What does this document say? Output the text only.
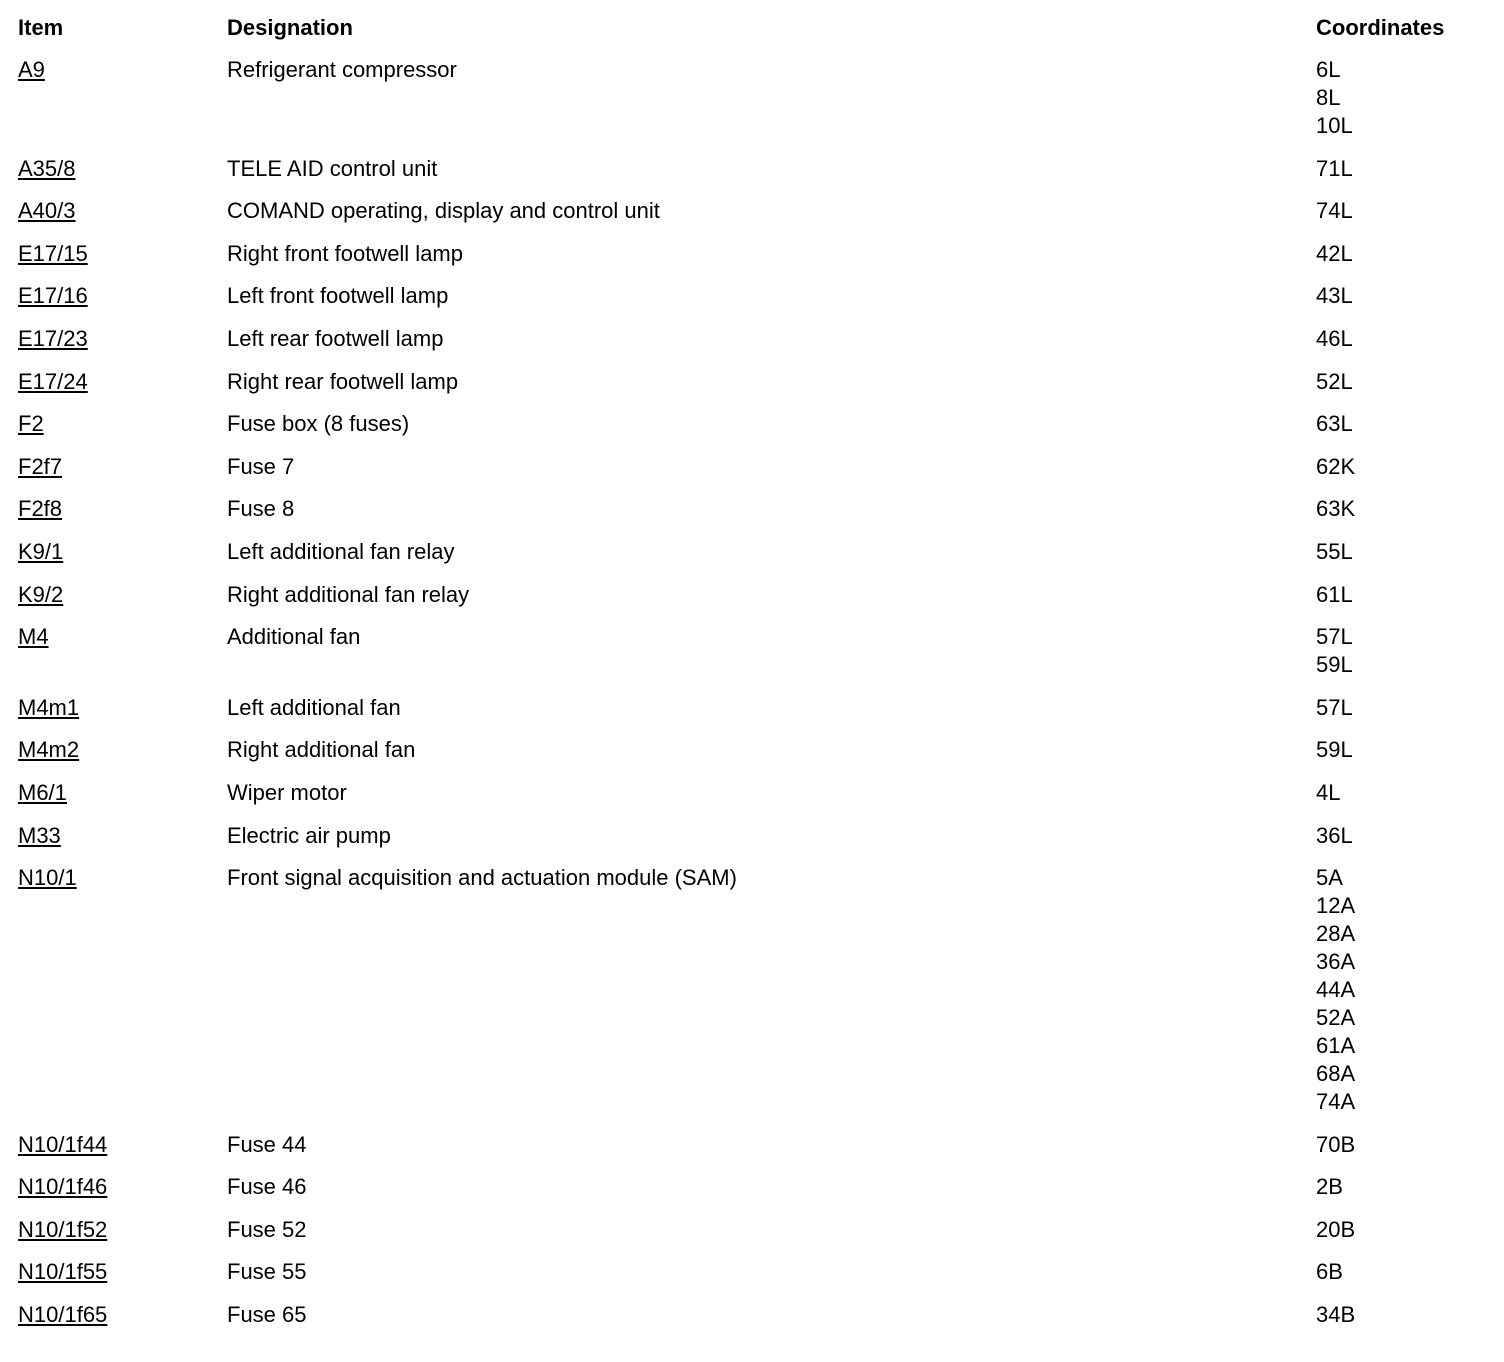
Item	Designation	Coordinates
A9	Refrigerant compressor	6L
8L
10L
A35/8	TELE AID control unit	71L
A40/3	COMAND operating, display and control unit	74L
E17/15	Right front footwell lamp	42L
E17/16	Left front footwell lamp	43L
E17/23	Left rear footwell lamp	46L
E17/24	Right rear footwell lamp	52L
F2	Fuse box (8 fuses)	63L
F2f7	Fuse 7	62K
F2f8	Fuse 8	63K
K9/1	Left additional fan relay	55L
K9/2	Right additional fan relay	61L
M4	Additional fan	57L
59L
M4m1	Left additional fan	57L
M4m2	Right additional fan	59L
M6/1	Wiper motor	4L
M33	Electric air pump	36L
N10/1	Front signal acquisition and actuation module (SAM)	5A
12A
28A
36A
44A
52A
61A
68A
74A
N10/1f44	Fuse 44	70B
N10/1f46	Fuse 46	2B
N10/1f52	Fuse 52	20B
N10/1f55	Fuse 55	6B
N10/1f65	Fuse 65	34B
